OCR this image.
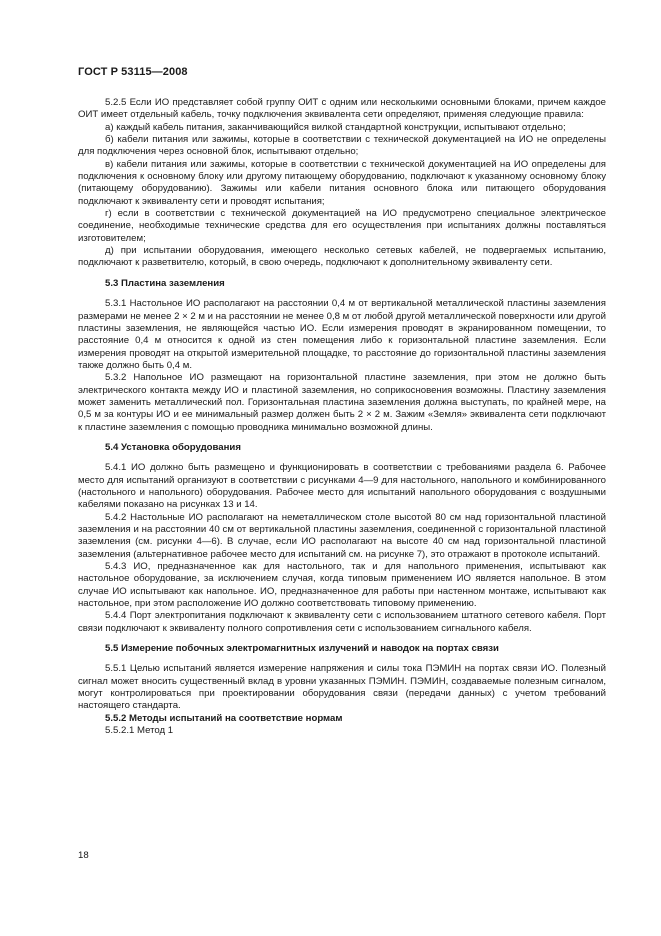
ГОСТ Р 53115—2008

5.2.5 Если ИО представляет собой группу ОИТ с одним или несколькими основными блоками, причем каждое ОИТ имеет отдельный кабель, точку подключения эквивалента сети определяют, применяя следующие правила:

а) каждый кабель питания, заканчивающийся вилкой стандартной конструкции, испытывают отдельно;

б) кабели питания или зажимы, которые в соответствии с технической документацией на ИО не определены для подключения через основной блок, испытывают отдельно;

в) кабели питания или зажимы, которые в соответствии с технической документацией на ИО определены для подключения к основному блоку или другому питающему оборудованию, подключают к указанному основному блоку (питающему оборудованию). Зажимы или кабели питания основного блока или питающего оборудования подключают к эквиваленту сети и проводят испытания;

г) если в соответствии с технической документацией на ИО предусмотрено специальное электрическое соединение, необходимые технические средства для его осуществления при испытаниях должны поставляться изготовителем;

д) при испытании оборудования, имеющего несколько сетевых кабелей, не подвергаемых испытанию, подключают к разветвителю, который, в свою очередь, подключают к дополнительному эквиваленту сети.

5.3 Пластина заземления

5.3.1 Настольное ИО располагают на расстоянии 0,4 м от вертикальной металлической пластины заземления размерами не менее 2 × 2 м и на расстоянии не менее 0,8 м от любой другой металлической поверхности или другой пластины заземления, не являющейся частью ИО. Если измерения проводят в экранированном помещении, то расстояние 0,4 м относится к одной из стен помещения либо к горизонтальной пластине заземления. Если измерения проводят на открытой измерительной площадке, то расстояние до горизонтальной пластины заземления также должно быть 0,4 м.

5.3.2 Напольное ИО размещают на горизонтальной пластине заземления, при этом не должно быть электрического контакта между ИО и пластиной заземления, но соприкосновения возможны. Пластину заземления может заменить металлический пол. Горизонтальная пластина заземления должна выступать, по крайней мере, на 0,5 м за контуры ИО и ее минимальный размер должен быть 2 × 2 м. Зажим «Земля» эквивалента сети подключают к пластине заземления с помощью проводника минимально возможной длины.

5.4 Установка оборудования

5.4.1 ИО должно быть размещено и функционировать в соответствии с требованиями раздела 6. Рабочее место для испытаний организуют в соответствии с рисунками 4—9 для настольного, напольного и комбинированного (настольного и напольного) оборудования. Рабочее место для испытаний напольного оборудования с воздушными кабелями показано на рисунках 13 и 14.

5.4.2 Настольные ИО располагают на неметаллическом столе высотой 80 см над горизонтальной пластиной заземления и на расстоянии 40 см от вертикальной пластины заземления, соединенной с горизонтальной пластиной заземления (см. рисунки 4—6). В случае, если ИО располагают на высоте 40 см над горизонтальной пластиной заземления (альтернативное рабочее место для испытаний см. на рисунке 7), это отражают в протоколе испытаний.

5.4.3 ИО, предназначенное как для настольного, так и для напольного применения, испытывают как настольное оборудование, за исключением случая, когда типовым применением ИО является напольное. В этом случае ИО испытывают как напольное. ИО, предназначенное для работы при настенном монтаже, испытывают как настольное, при этом расположение ИО должно соответствовать типовому применению.

5.4.4 Порт электропитания подключают к эквиваленту сети с использованием штатного сетевого кабеля. Порт связи подключают к эквиваленту полного сопротивления сети с использованием сигнального кабеля.

5.5 Измерение побочных электромагнитных излучений и наводок на портах связи

5.5.1 Целью испытаний является измерение напряжения и силы тока ПЭМИН на портах связи ИО. Полезный сигнал может вносить существенный вклад в уровни указанных ПЭМИН. ПЭМИН, создаваемые полезным сигналом, могут контролироваться при проектировании оборудования связи (передачи данных) с учетом требований настоящего стандарта.

5.5.2 Методы испытаний на соответствие нормам

5.5.2.1 Метод 1

18
